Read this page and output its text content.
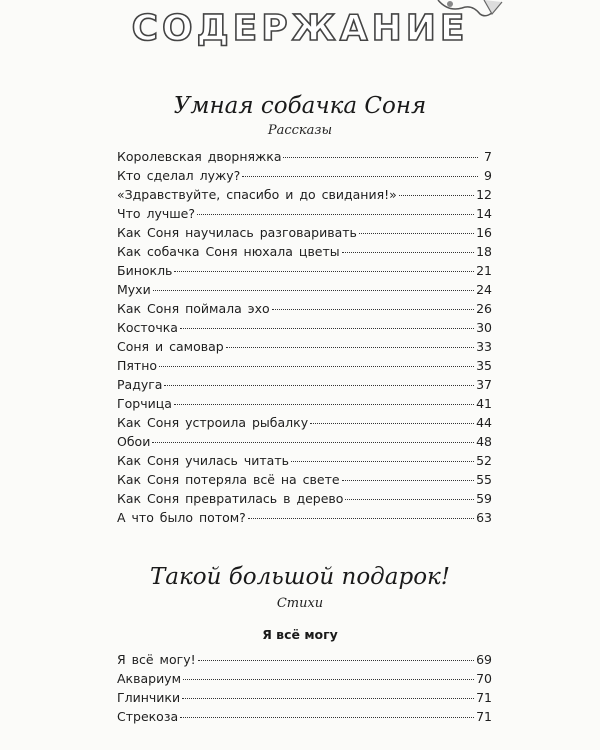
СОДЕРЖАНИЕ
Умная собачка Соня
Рассказы
Королевская дворняжка	7
Кто сделал лужу?	9
«Здравствуйте, спасибо и до свидания!»	12
Что лучше?	14
Как Соня научилась разговаривать	16
Как собачка Соня нюхала цветы	18
Бинокль	21
Мухи	24
Как Соня поймала эхо	26
Косточка	30
Соня и самовар	33
Пятно	35
Радуга	37
Горчица	41
Как Соня устроила рыбалку	44
Обои	48
Как Соня училась читать	52
Как Соня потеряла всё на свете	55
Как Соня превратилась в дерево	59
А что было потом?	63
Такой большой подарок!
Стихи
Я всё могу
Я всё могу!	69
Аквариум	70
Глинчики	71
Стрекоза	71
